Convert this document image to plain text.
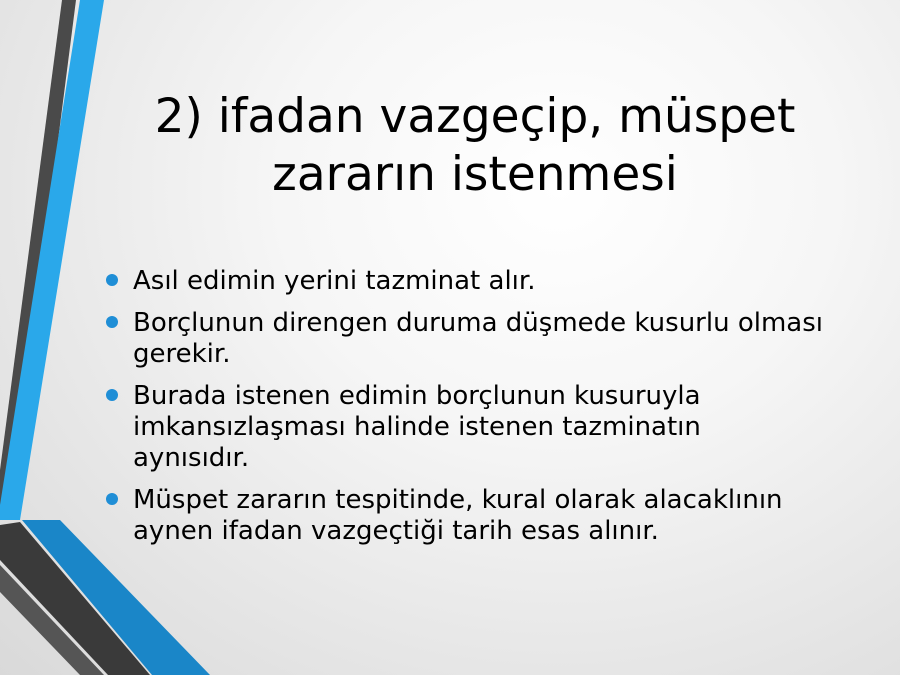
2) ifadan vazgeçip, müspet
zararın istenmesi
Asıl edimin yerini tazminat alır.
Borçlunun direngen duruma düşmede kusurlu olması gerekir.
Burada istenen edimin borçlunun kusuruyla imkansızlaşması halinde istenen tazminatın aynısıdır.
Müspet zararın tespitinde, kural olarak alacaklının aynen ifadan vazgeçtiği tarih esas alınır.
